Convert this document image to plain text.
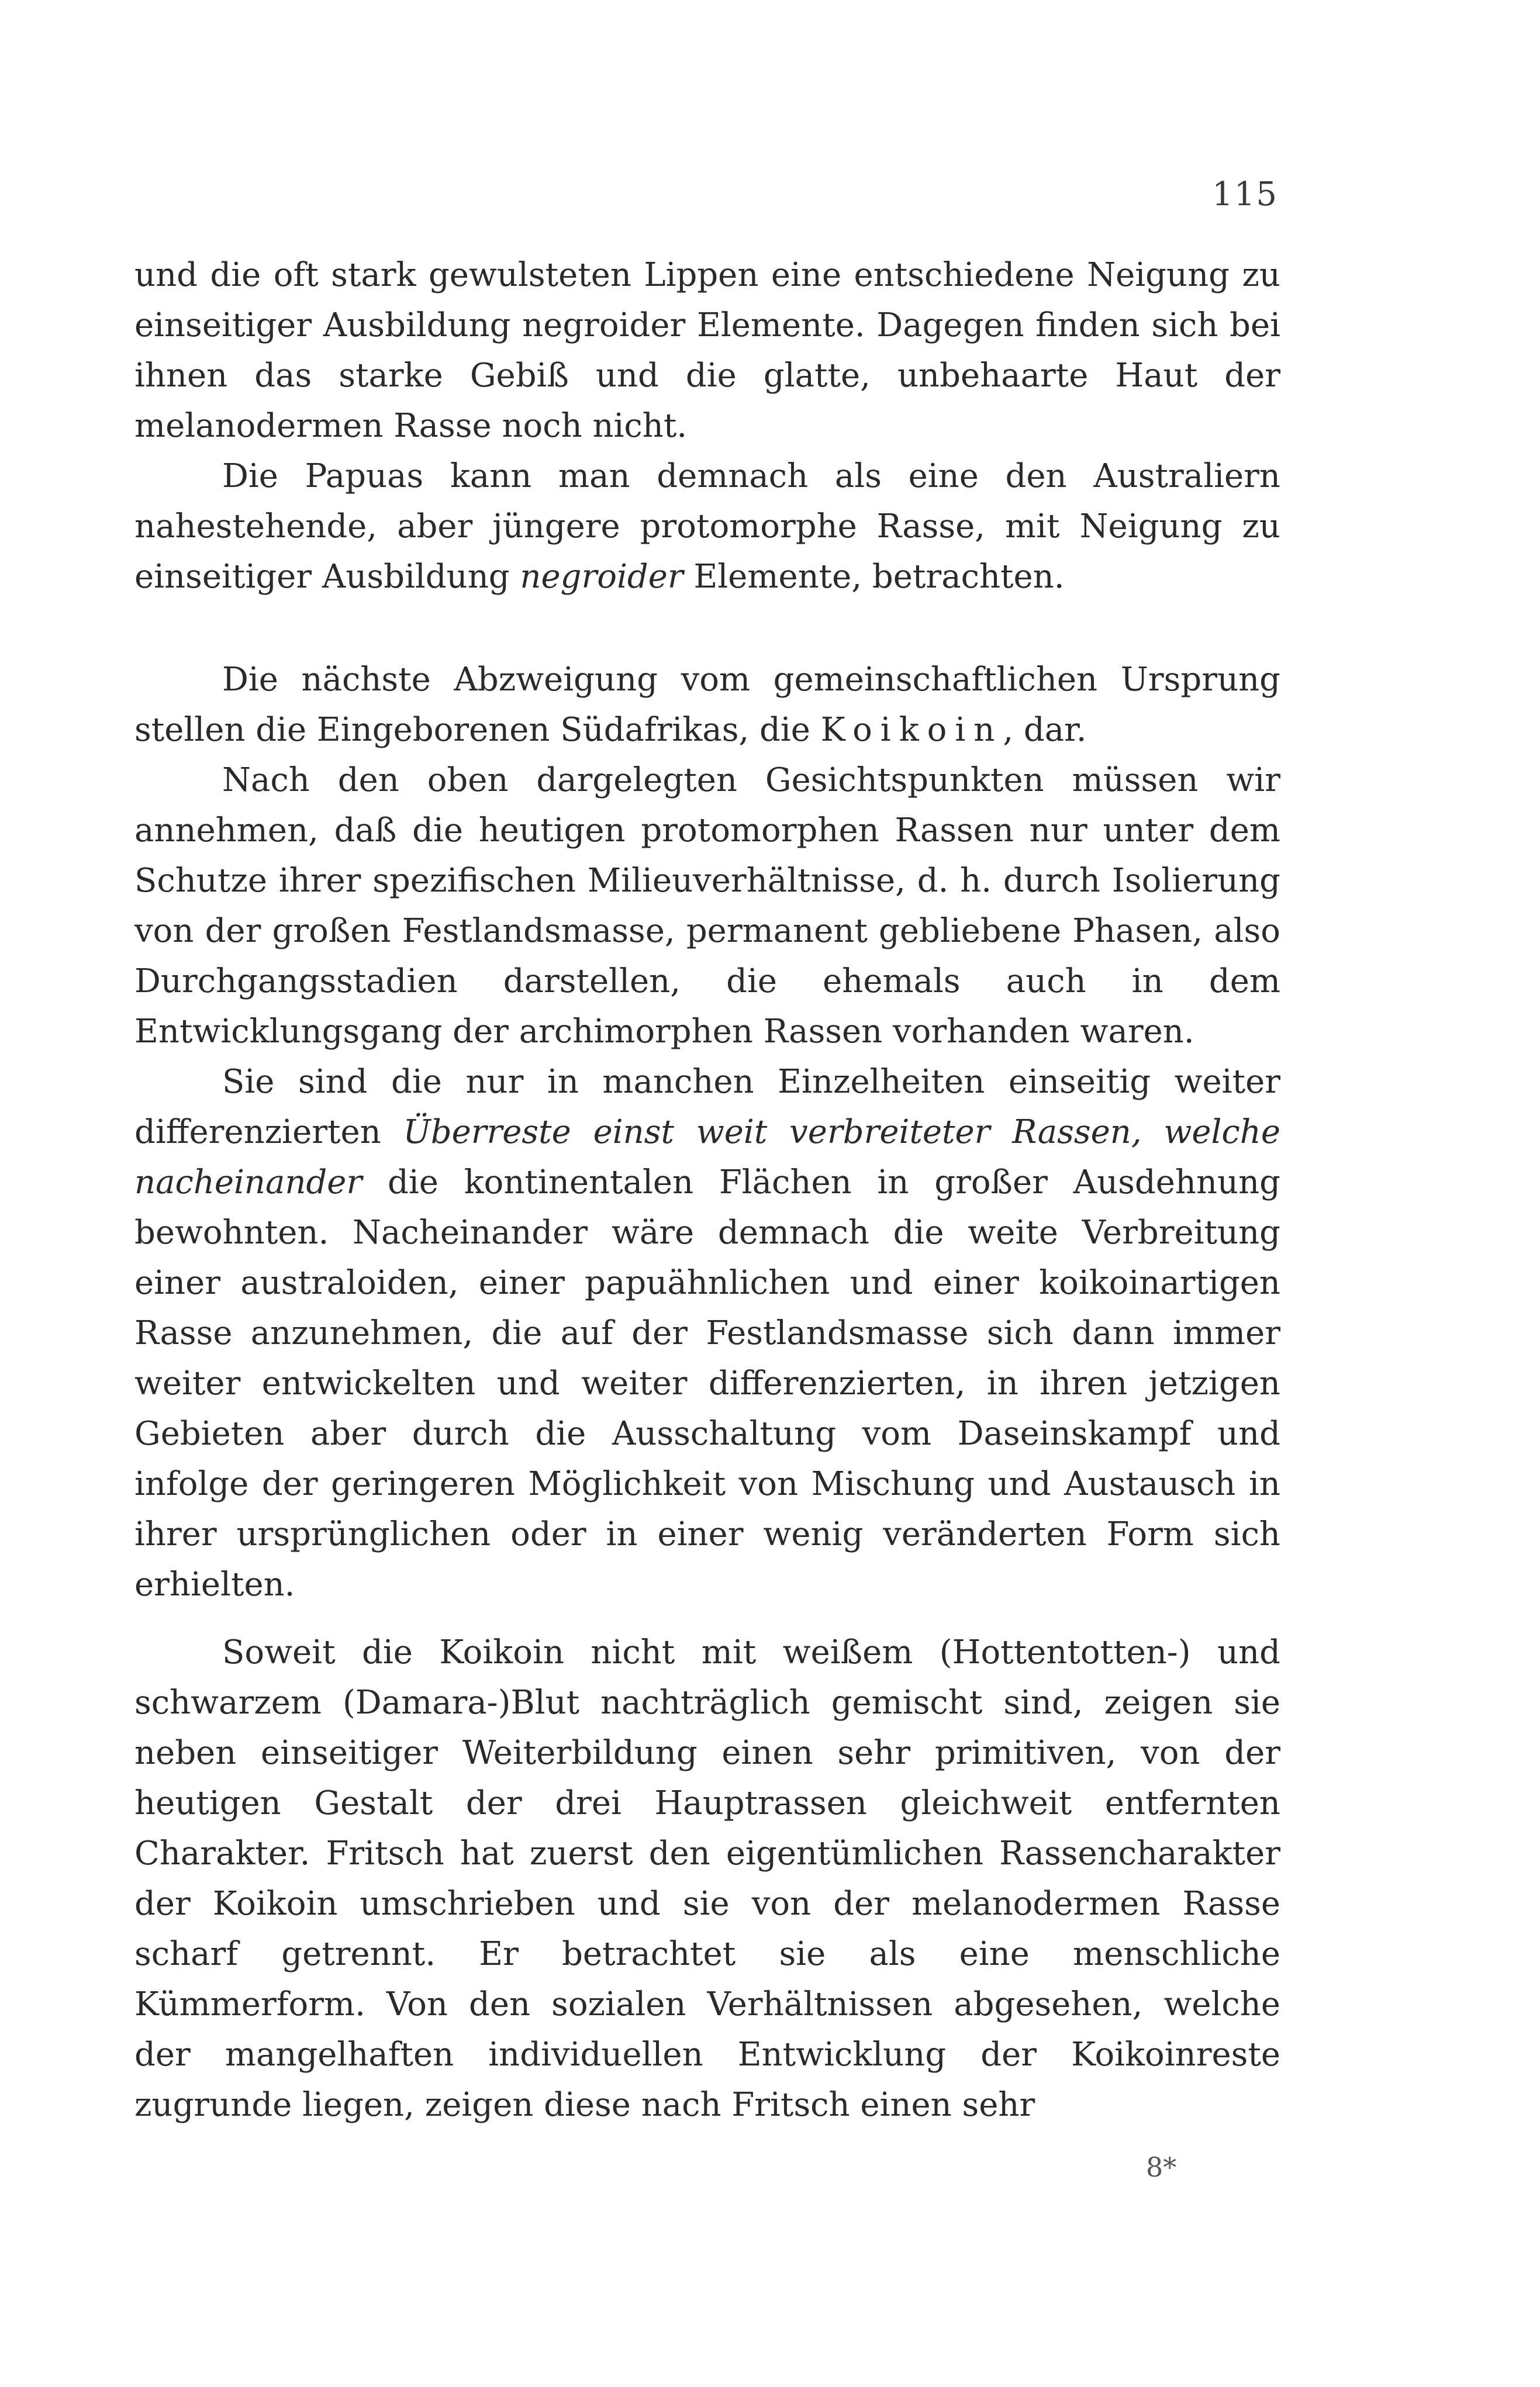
115

und die oft stark gewulsteten Lippen eine entschiedene Neigung zu einseitiger Ausbildung negroider Elemente. Dagegen finden sich bei ihnen das starke Gebiß und die glatte, unbehaarte Haut der melanodermen Rasse noch nicht.

Die Papuas kann man demnach als eine den Australiern nahestehende, aber jüngere protomorphe Rasse, mit Neigung zu einseitiger Ausbildung negroider Elemente, betrachten.

Die nächste Abzweigung vom gemeinschaftlichen Ursprung stellen die Eingeborenen Südafrikas, die Koikoin, dar.

Nach den oben dargelegten Gesichtspunkten müssen wir annehmen, daß die heutigen protomorphen Rassen nur unter dem Schutze ihrer spezifischen Milieuverhältnisse, d. h. durch Isolierung von der großen Festlandsmasse, permanent gebliebene Phasen, also Durchgangsstadien darstellen, die ehemals auch in dem Entwicklungsgang der archimorphen Rassen vorhanden waren.

Sie sind die nur in manchen Einzelheiten einseitig weiter differenzierten Überreste einst weit verbreiteter Rassen, welche nacheinander die kontinentalen Flächen in großer Ausdehnung bewohnten. Nacheinander wäre demnach die weite Verbreitung einer australoiden, einer papuähnlichen und einer koikoinartigen Rasse anzunehmen, die auf der Festlandsmasse sich dann immer weiter entwickelten und weiter differenzierten, in ihren jetzigen Gebieten aber durch die Ausschaltung vom Daseinskampf und infolge der geringeren Möglichkeit von Mischung und Austausch in ihrer ursprünglichen oder in einer wenig veränderten Form sich erhielten.

Soweit die Koikoin nicht mit weißem (Hottentotten-) und schwarzem (Damara-)Blut nachträglich gemischt sind, zeigen sie neben einseitiger Weiterbildung einen sehr primitiven, von der heutigen Gestalt der drei Hauptrassen gleichweit entfernten Charakter. Fritsch hat zuerst den eigentümlichen Rassencharakter der Koikoin umschrieben und sie von der melanodermen Rasse scharf getrennt. Er betrachtet sie als eine menschliche Kümmerform. Von den sozialen Verhältnissen abgesehen, welche der mangelhaften individuellen Entwicklung der Koikoinreste zugrunde liegen, zeigen diese nach Fritsch einen sehr

8*
